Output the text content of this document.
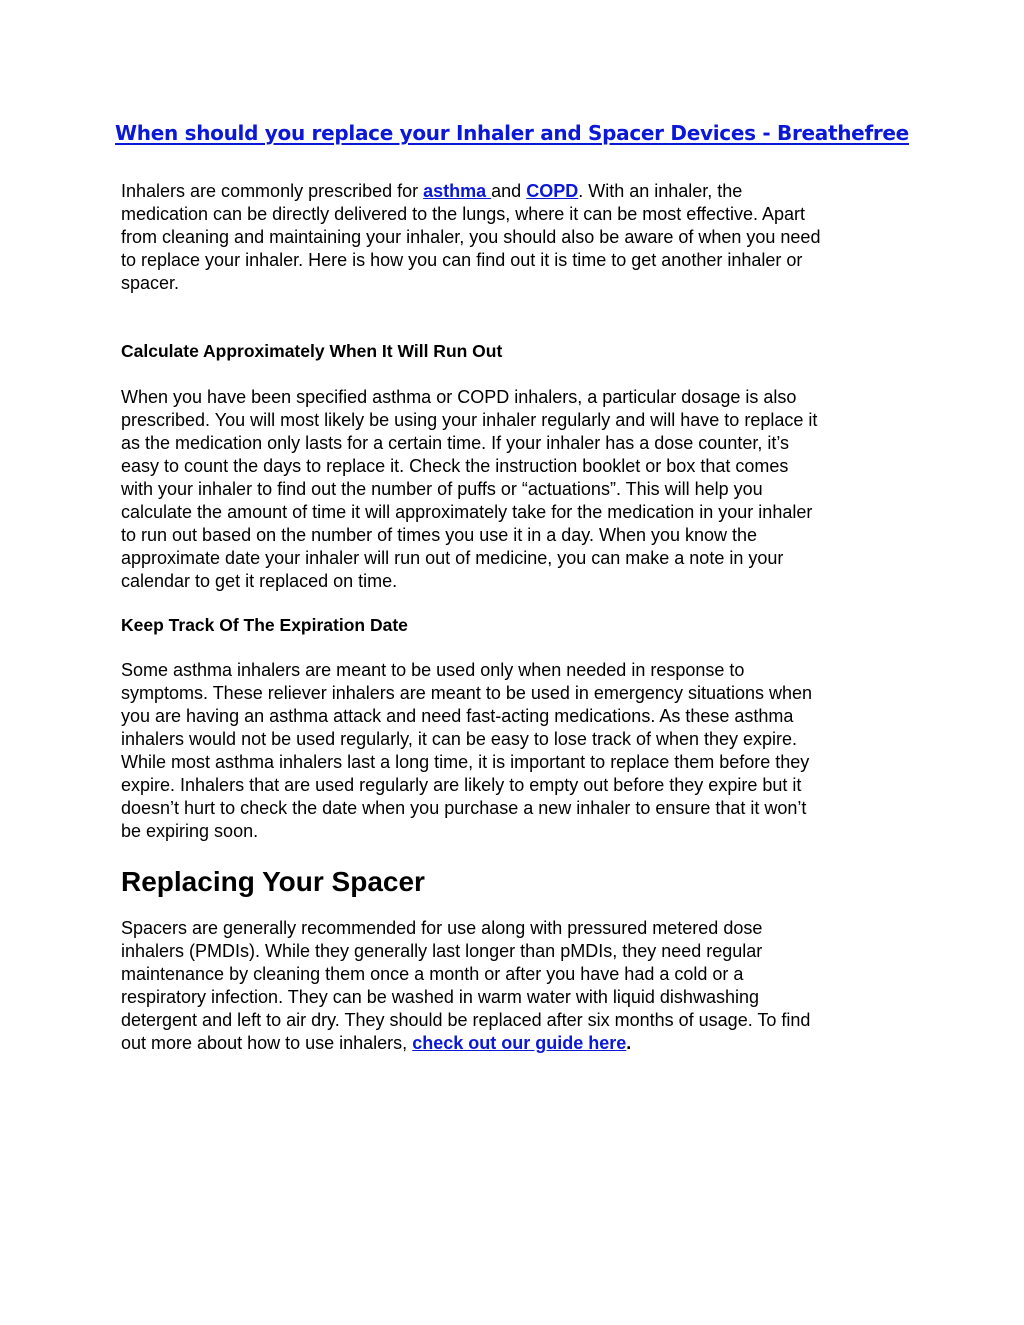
When should you replace your Inhaler and Spacer Devices - Breathefree

Inhalers are commonly prescribed for asthma and COPD. With an inhaler, the
medication can be directly delivered to the lungs, where it can be most effective. Apart
from cleaning and maintaining your inhaler, you should also be aware of when you need
to replace your inhaler. Here is how you can find out it is time to get another inhaler or
spacer.

Calculate Approximately When It Will Run Out

When you have been specified asthma or COPD inhalers, a particular dosage is also
prescribed. You will most likely be using your inhaler regularly and will have to replace it
as the medication only lasts for a certain time. If your inhaler has a dose counter, it’s
easy to count the days to replace it. Check the instruction booklet or box that comes
with your inhaler to find out the number of puffs or “actuations”. This will help you
calculate the amount of time it will approximately take for the medication in your inhaler
to run out based on the number of times you use it in a day. When you know the
approximate date your inhaler will run out of medicine, you can make a note in your
calendar to get it replaced on time.

Keep Track Of The Expiration Date

Some asthma inhalers are meant to be used only when needed in response to
symptoms. These reliever inhalers are meant to be used in emergency situations when
you are having an asthma attack and need fast-acting medications. As these asthma
inhalers would not be used regularly, it can be easy to lose track of when they expire.
While most asthma inhalers last a long time, it is important to replace them before they
expire. Inhalers that are used regularly are likely to empty out before they expire but it
doesn’t hurt to check the date when you purchase a new inhaler to ensure that it won’t
be expiring soon.

Replacing Your Spacer

Spacers are generally recommended for use along with pressured metered dose
inhalers (PMDIs). While they generally last longer than pMDIs, they need regular
maintenance by cleaning them once a month or after you have had a cold or a
respiratory infection. They can be washed in warm water with liquid dishwashing
detergent and left to air dry. They should be replaced after six months of usage. To find
out more about how to use inhalers, check out our guide here.
